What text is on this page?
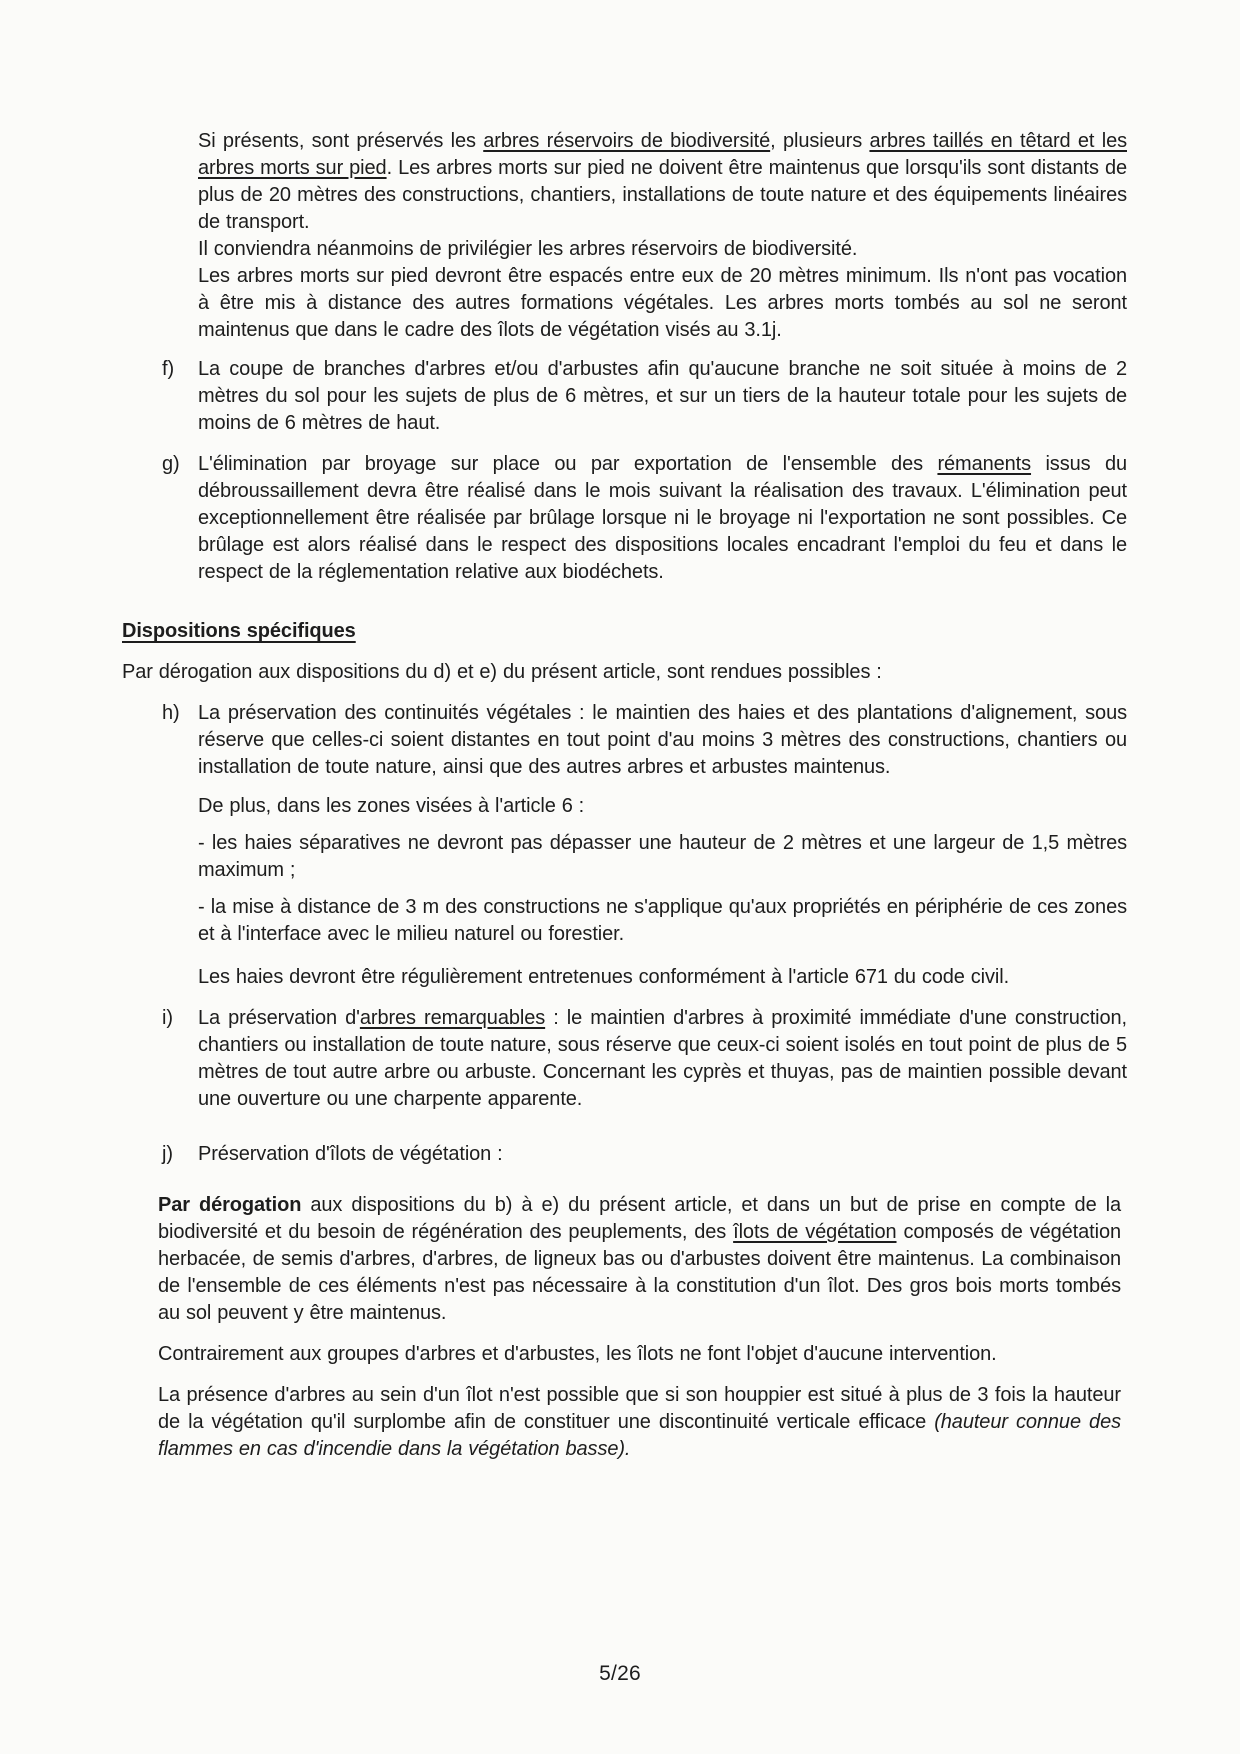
Si présents, sont préservés les arbres réservoirs de biodiversité, plusieurs arbres taillés en têtard et les arbres morts sur pied. Les arbres morts sur pied ne doivent être maintenus que lorsqu'ils sont distants de plus de 20 mètres des constructions, chantiers, installations de toute nature et des équipements linéaires de transport.
Il conviendra néanmoins de privilégier les arbres réservoirs de biodiversité.
Les arbres morts sur pied devront être espacés entre eux de 20 mètres minimum. Ils n'ont pas vocation à être mis à distance des autres formations végétales. Les arbres morts tombés au sol ne seront maintenus que dans le cadre des îlots de végétation visés au 3.1j.
f)	La coupe de branches d'arbres et/ou d'arbustes afin qu'aucune branche ne soit située à moins de 2 mètres du sol pour les sujets de plus de 6 mètres, et sur un tiers de la hauteur totale pour les sujets de moins de 6 mètres de haut.
g) L'élimination par broyage sur place ou par exportation de l'ensemble des rémanents issus du débroussaillement devra être réalisé dans le mois suivant la réalisation des travaux. L'élimination peut exceptionnellement être réalisée par brûlage lorsque ni le broyage ni l'exportation ne sont possibles. Ce brûlage est alors réalisé dans le respect des dispositions locales encadrant l'emploi du feu et dans le respect de la réglementation relative aux biodéchets.
Dispositions spécifiques
Par dérogation aux dispositions du d) et e) du présent article, sont rendues possibles :
h) La préservation des continuités végétales : le maintien des haies et des plantations d'alignement, sous réserve que celles-ci soient distantes en tout point d'au moins 3 mètres des constructions, chantiers ou installation de toute nature, ainsi que des autres arbres et arbustes maintenus.
De plus, dans les zones visées à l'article 6 :
- les haies séparatives ne devront pas dépasser une hauteur de 2 mètres et une largeur de 1,5 mètres maximum ;
- la mise à distance de 3 m des constructions ne s'applique qu'aux propriétés en périphérie de ces zones et à l'interface avec le milieu naturel ou forestier.
Les haies devront être régulièrement entretenues conformément à l'article 671 du code civil.
i)	La préservation d'arbres remarquables : le maintien d'arbres à proximité immédiate d'une construction, chantiers ou installation de toute nature, sous réserve que ceux-ci soient isolés en tout point de plus de 5 mètres de tout autre arbre ou arbuste. Concernant les cyprès et thuyas, pas de maintien possible devant une ouverture ou une charpente apparente.
j)	Préservation d'îlots de végétation :
Par dérogation aux dispositions du b) à e) du présent article, et dans un but de prise en compte de la biodiversité et du besoin de régénération des peuplements, des îlots de végétation composés de végétation herbacée, de semis d'arbres, d'arbres, de ligneux bas ou d'arbustes doivent être maintenus. La combinaison de l'ensemble de ces éléments n'est pas nécessaire à la constitution d'un îlot. Des gros bois morts tombés au sol peuvent y être maintenus.
Contrairement aux groupes d'arbres et d'arbustes, les îlots ne font l'objet d'aucune intervention.
La présence d'arbres au sein d'un îlot n'est possible que si son houppier est situé à plus de 3 fois la hauteur de la végétation qu'il surplombe afin de constituer une discontinuité verticale efficace (hauteur connue des flammes en cas d'incendie dans la végétation basse).
5/26
